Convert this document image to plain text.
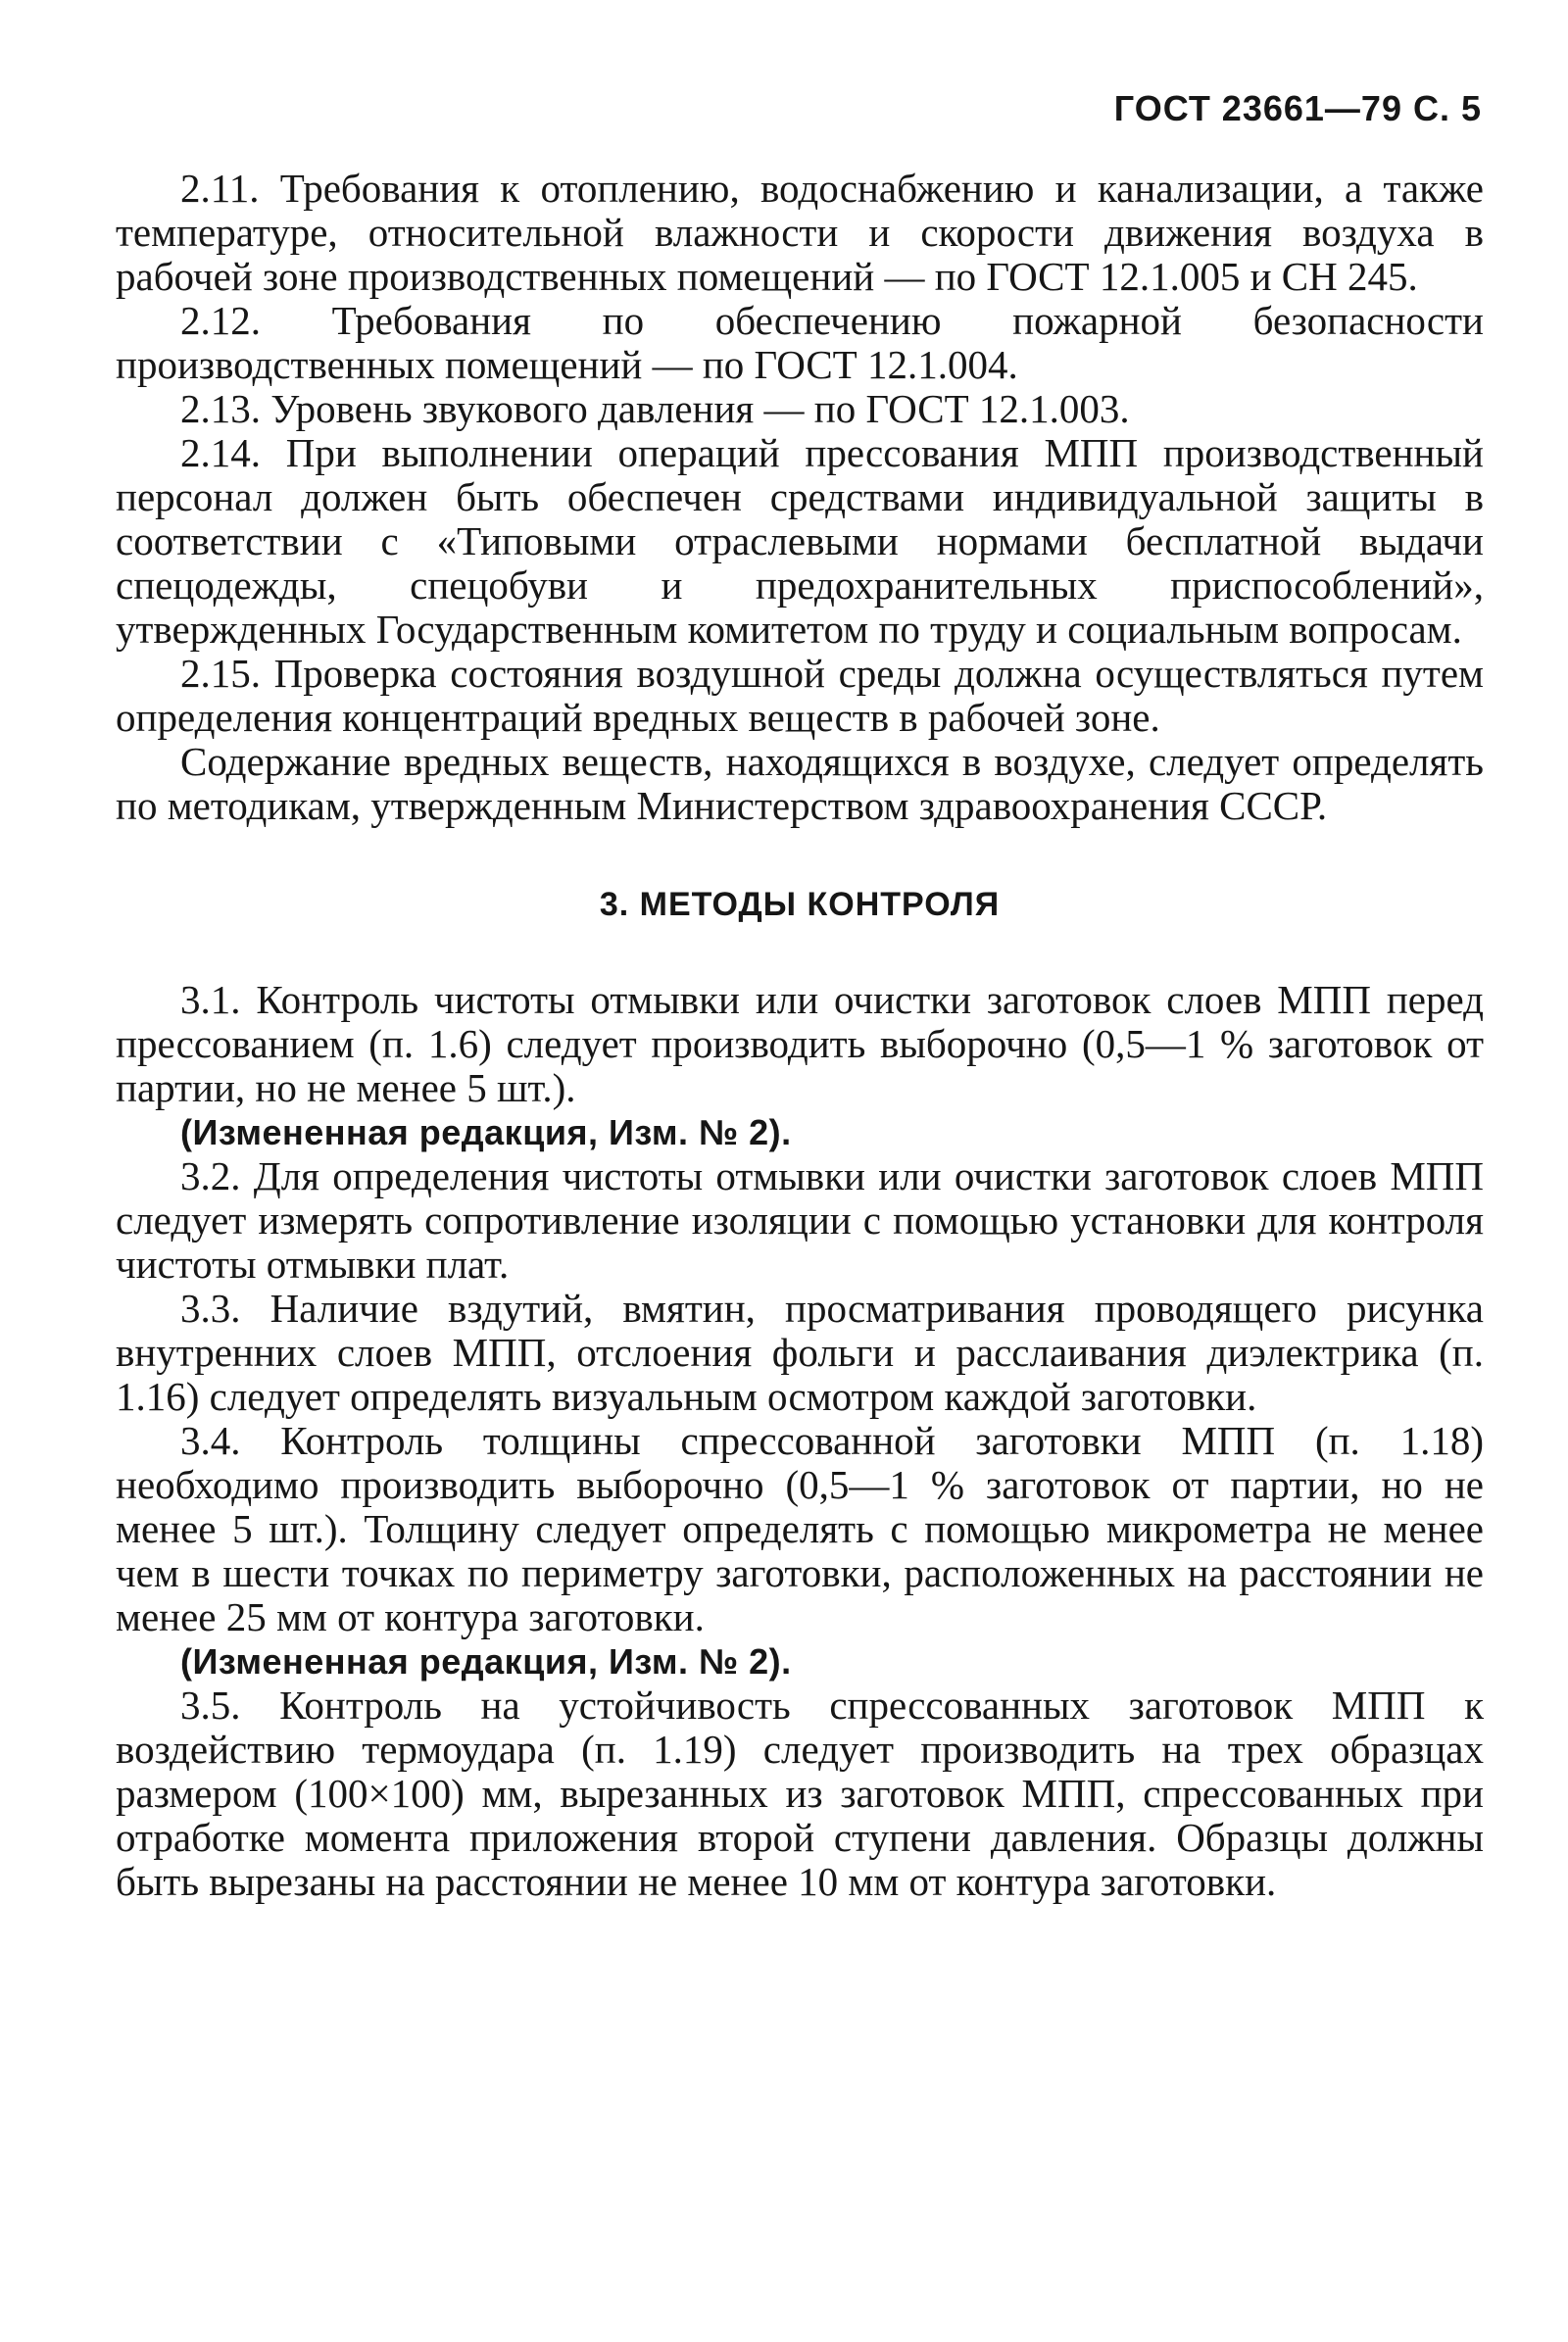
ГОСТ 23661—79 С. 5

2.11. Требования к отоплению, водоснабжению и канализации, а также температуре, относительной влажности и скорости движения воздуха в рабочей зоне производственных помещений — по ГОСТ 12.1.005 и СН 245.

2.12. Требования по обеспечению пожарной безопасности производственных помещений — по ГОСТ 12.1.004.

2.13. Уровень звукового давления — по ГОСТ 12.1.003.

2.14. При выполнении операций прессования МПП производственный персонал должен быть обеспечен средствами индивидуальной защиты в соответствии с «Типовыми отраслевыми нормами бесплатной выдачи спецодежды, спецобуви и предохранительных приспособлений», утвержденных Государственным комитетом по труду и социальным вопросам.

2.15. Проверка состояния воздушной среды должна осуществляться путем определения концентраций вредных веществ в рабочей зоне.

Содержание вредных веществ, находящихся в воздухе, следует определять по методикам, утвержденным Министерством здравоохранения СССР.

3. МЕТОДЫ КОНТРОЛЯ

3.1. Контроль чистоты отмывки или очистки заготовок слоев МПП перед прессованием (п. 1.6) следует производить выборочно (0,5—1 % заготовок от партии, но не менее 5 шт.).

(Измененная редакция, Изм. № 2).

3.2. Для определения чистоты отмывки или очистки заготовок слоев МПП следует измерять сопротивление изоляции с помощью установки для контроля чистоты отмывки плат.

3.3. Наличие вздутий, вмятин, просматривания проводящего рисунка внутренних слоев МПП, отслоения фольги и расслаивания диэлектрика (п. 1.16) следует определять визуальным осмотром каждой заготовки.

3.4. Контроль толщины спрессованной заготовки МПП (п. 1.18) необходимо производить выборочно (0,5—1 % заготовок от партии, но не менее 5 шт.). Толщину следует определять с помощью микрометра не менее чем в шести точках по периметру заготовки, расположенных на расстоянии не менее 25 мм от контура заготовки.

(Измененная редакция, Изм. № 2).

3.5. Контроль на устойчивость спрессованных заготовок МПП к воздействию термоудара (п. 1.19) следует производить на трех образцах размером (100×100) мм, вырезанных из заготовок МПП, спрессованных при отработке момента приложения второй ступени давления. Образцы должны быть вырезаны на расстоянии не менее 10 мм от контура заготовки.
